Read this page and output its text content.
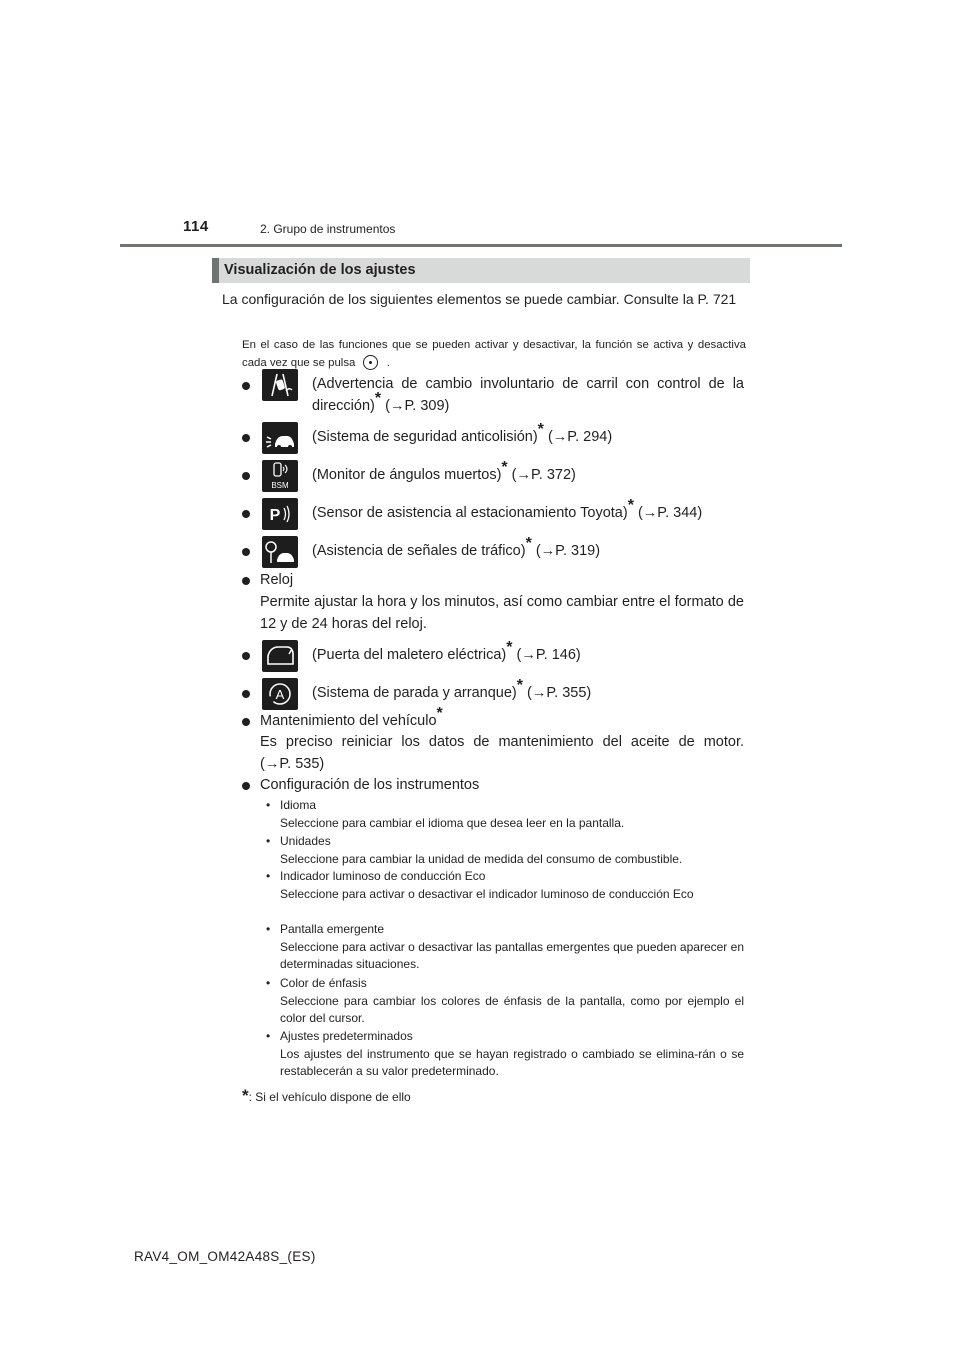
114	2. Grupo de instrumentos
Visualización de los ajustes
La configuración de los siguientes elementos se puede cambiar. Consulte la P. 721
En el caso de las funciones que se pueden activar y desactivar, la función se activa y desactiva cada vez que se pulsa	.
(Advertencia de cambio involuntario de carril con control de la
dirección)* (→P. 309)
(Sistema de seguridad anticolisión)* (→P. 294)
BSM
(Monitor de ángulos muertos)* (→P. 372)
P (Sensor de asistencia al estacionamiento Toyota)* (→P. 344)
(Asistencia de señales de tráfico)* (→P. 319)
Reloj
Permite ajustar la hora y los minutos, así como cambiar entre el formato de 12 y de 24 horas del reloj.
(Puerta del maletero eléctrica)* (→P. 146)
A (Sistema de parada y arranque)* (→P. 355)
Mantenimiento del vehículo*
Es preciso reiniciar los datos de mantenimiento del aceite de motor.
(→P. 535)
Configuración de los instrumentos
• Idioma
Seleccione para cambiar el idioma que desea leer en la pantalla.
• Unidades
Seleccione para cambiar la unidad de medida del consumo de combustible.
• Indicador luminoso de conducción Eco
Seleccione para activar o desactivar el indicador luminoso de conducción Eco
• Pantalla emergente
Seleccione para activar o desactivar las pantallas emergentes que pueden aparecer en determinadas situaciones.
• Color de énfasis
Seleccione para cambiar los colores de énfasis de la pantalla, como por ejemplo el color del cursor.
• Ajustes predeterminados
Los ajustes del instrumento que se hayan registrado o cambiado se elimina-rán o se restablecerán a su valor predeterminado.
*: Si el vehículo dispone de ello
RAV4_OM_OM42A48S_(ES)
